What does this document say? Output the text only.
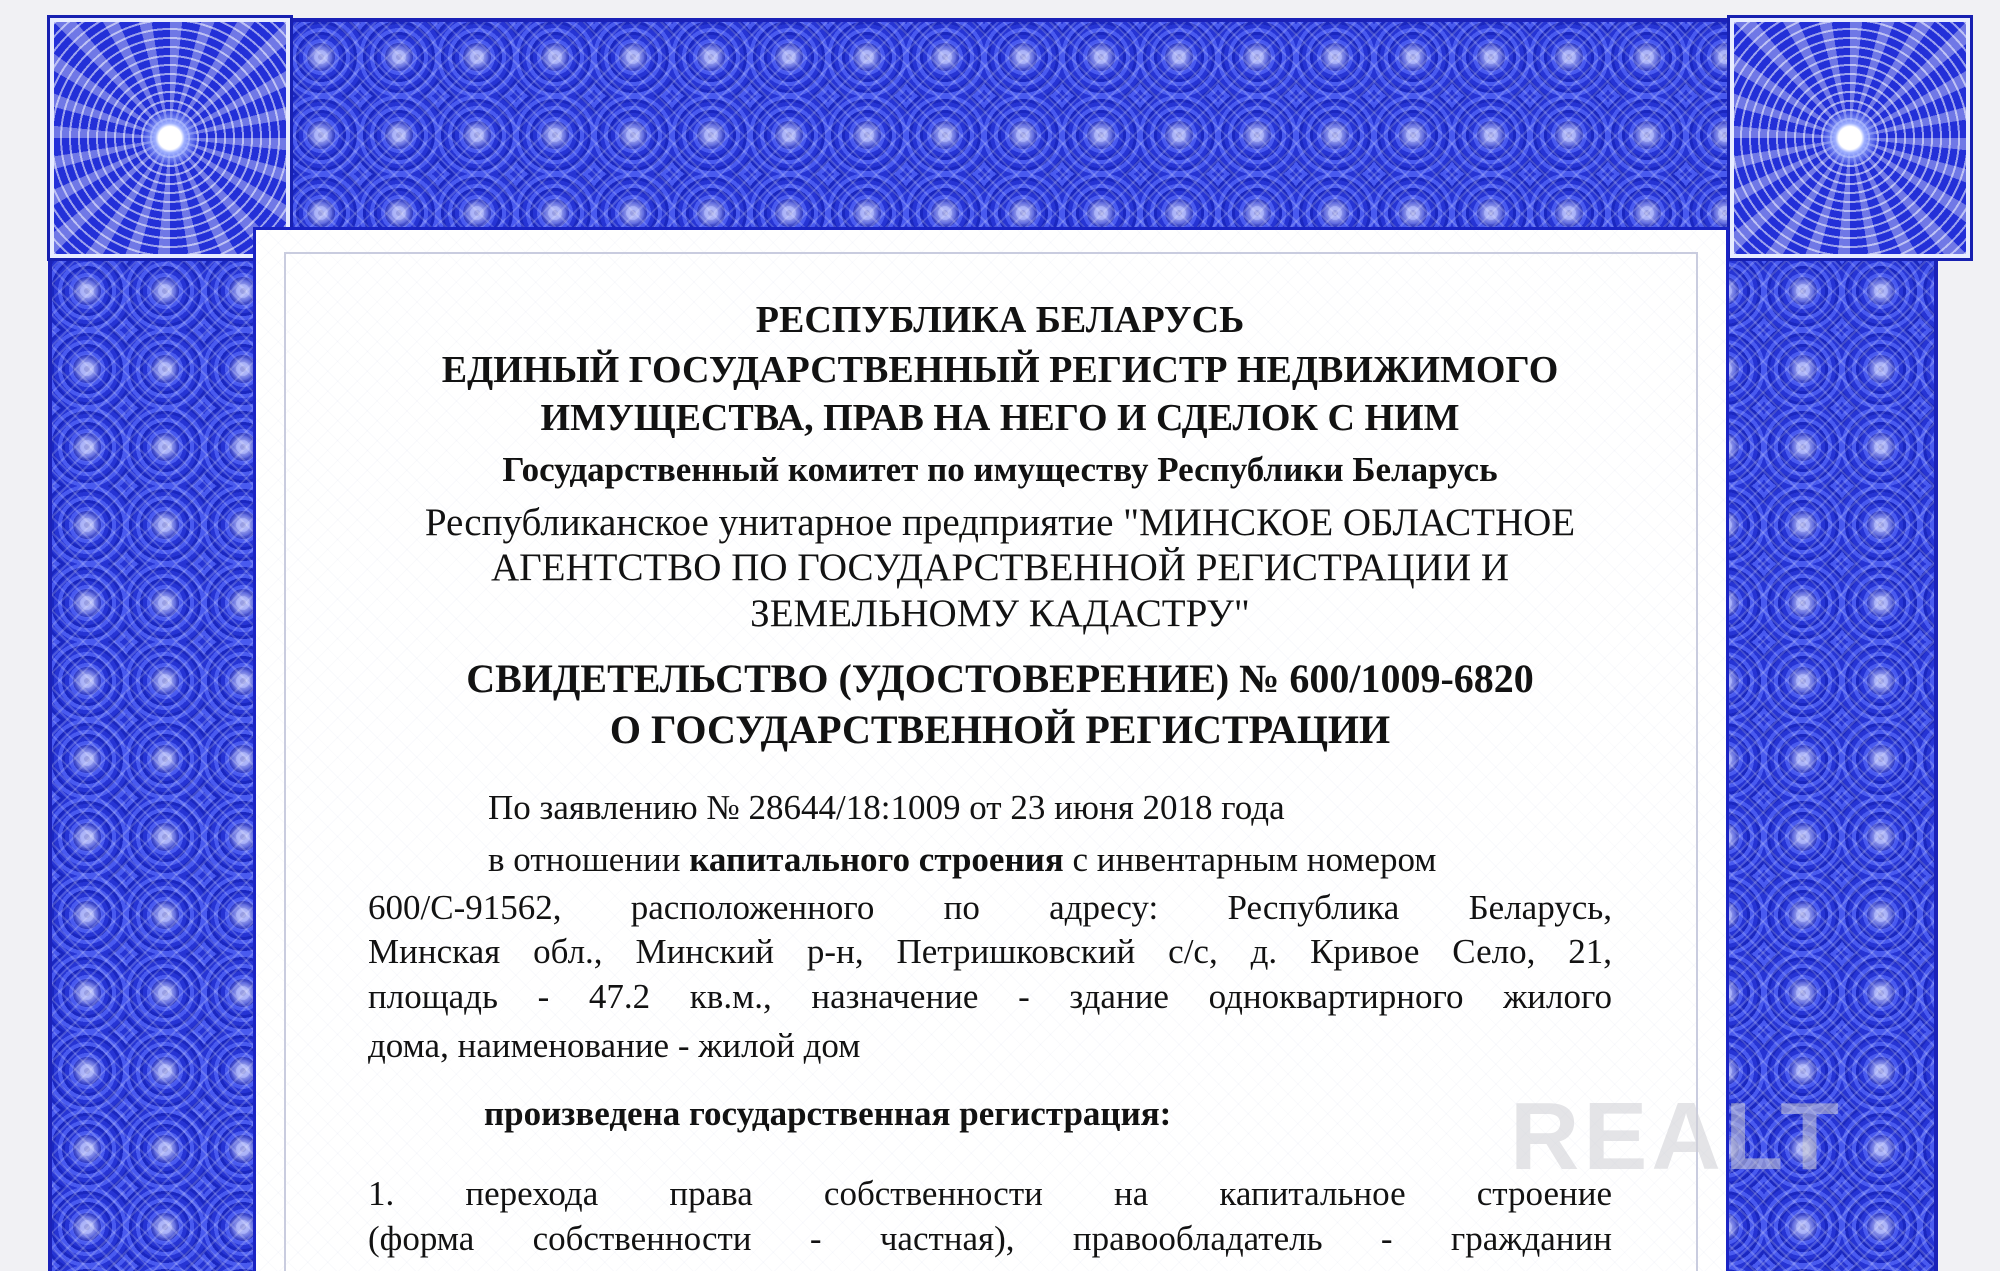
РЕСПУБЛИКА БЕЛАРУСЬ

ЕДИНЫЙ ГОСУДАРСТВЕННЫЙ РЕГИСТР НЕДВИЖИМОГО

ИМУЩЕСТВА, ПРАВ НА НЕГО И СДЕЛОК С НИМ

Государственный комитет по имуществу Республики Беларусь

Республиканское унитарное предприятие "МИНСКОЕ ОБЛАСТНОЕ

АГЕНТСТВО ПО ГОСУДАРСТВЕННОЙ РЕГИСТРАЦИИ И

ЗЕМЕЛЬНОМУ КАДАСТРУ"

СВИДЕТЕЛЬСТВО (УДОСТОВЕРЕНИЕ) № 600/1009-6820

О ГОСУДАРСТВЕННОЙ РЕГИСТРАЦИИ

По заявлению № 28644/18:1009 от 23 июня 2018 года

в отношении капитального строения с инвентарным номером

600/С-91562, расположенного по адресу: Республика Беларусь,

Минская обл., Минский р-н, Петришковский с/с, д. Кривое Село, 21,

площадь - 47.2 кв.м., назначение - здание одноквартирного жилого

дома, наименование - жилой дом

произведена государственная регистрация:

1. перехода права собственности на капитальное строение

(форма собственности - частная), правообладатель - гражданин

REALT
